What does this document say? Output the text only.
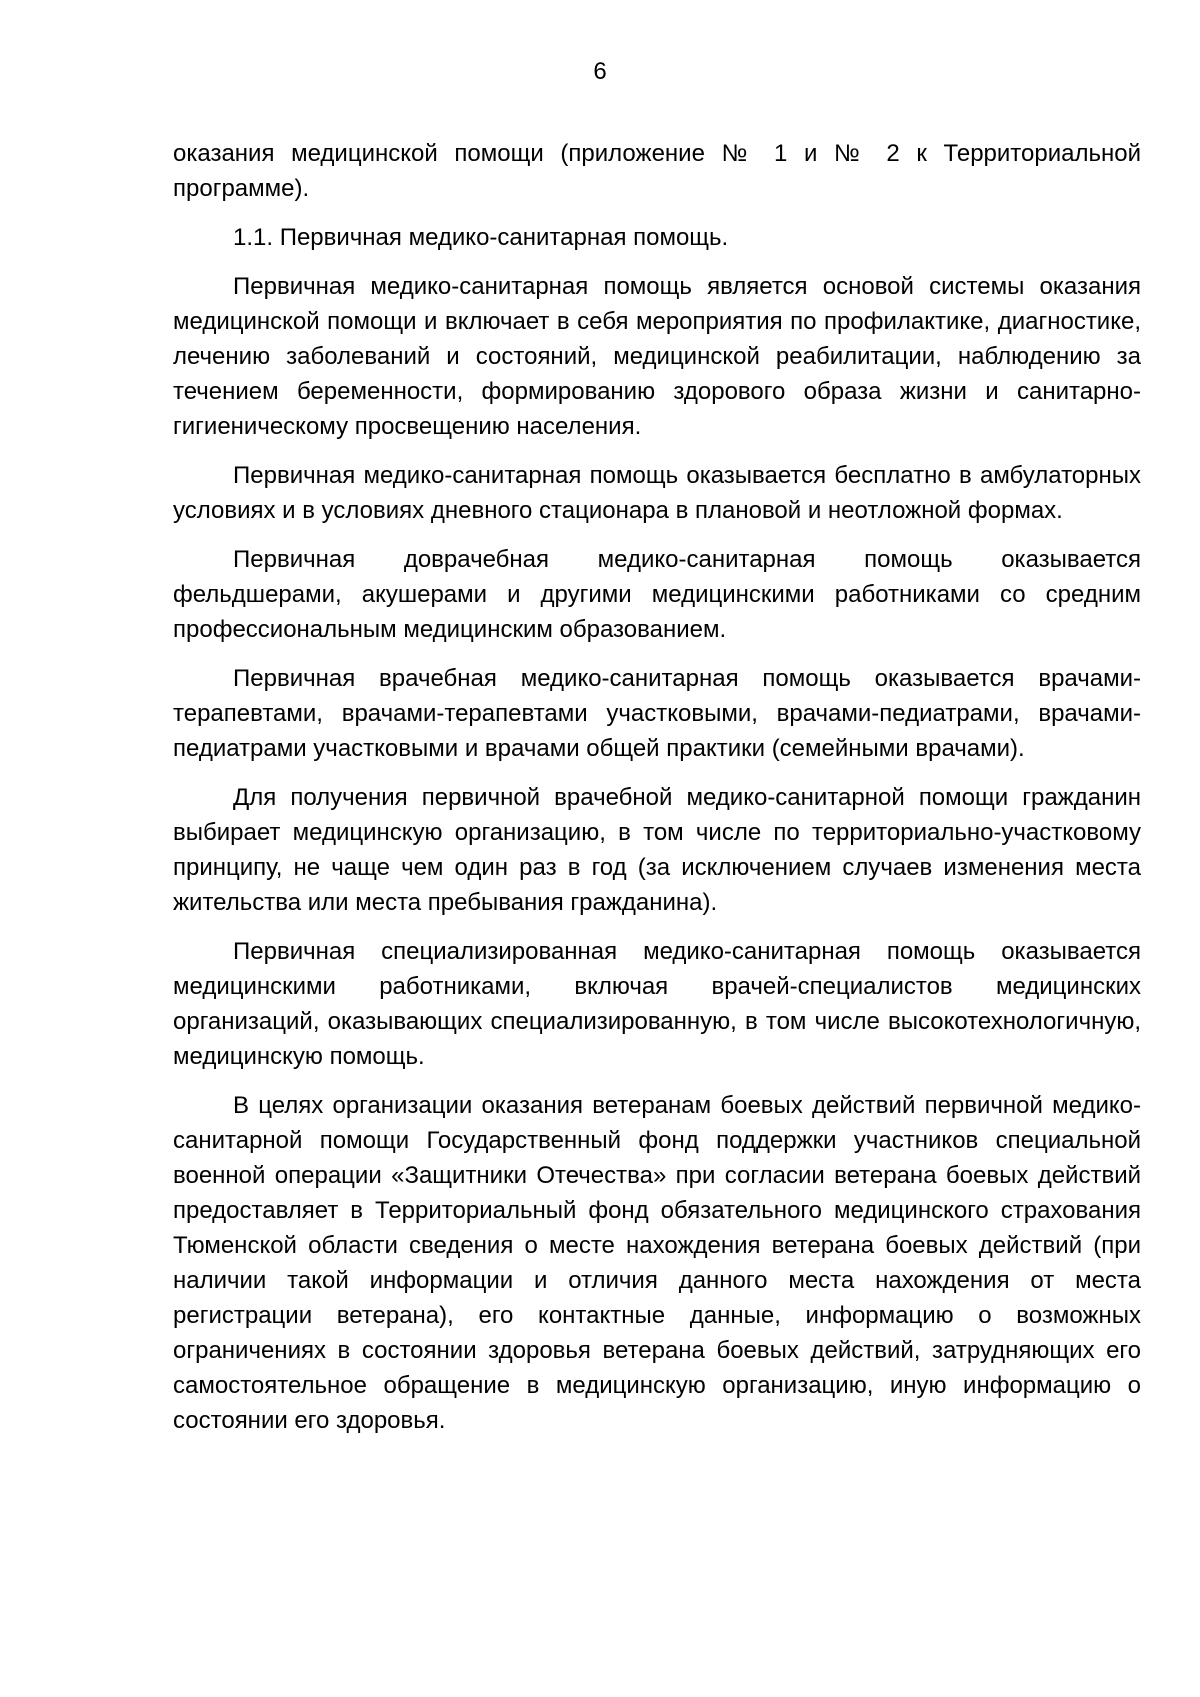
6

оказания медицинской помощи (приложение № 1 и № 2 к Территориальной программе).

1.1. Первичная медико-санитарная помощь.

Первичная медико-санитарная помощь является основой системы оказания медицинской помощи и включает в себя мероприятия по профилактике, диагностике, лечению заболеваний и состояний, медицинской реабилитации, наблюдению за течением беременности, формированию здорового образа жизни и санитарно-гигиеническому просвещению населения.

Первичная медико-санитарная помощь оказывается бесплатно в амбулаторных условиях и в условиях дневного стационара в плановой и неотложной формах.

Первичная доврачебная медико-санитарная помощь оказывается фельдшерами, акушерами и другими медицинскими работниками со средним профессиональным медицинским образованием.

Первичная врачебная медико-санитарная помощь оказывается врачами-терапевтами, врачами-терапевтами участковыми, врачами-педиатрами, врачами-педиатрами участковыми и врачами общей практики (семейными врачами).

Для получения первичной врачебной медико-санитарной помощи гражданин выбирает медицинскую организацию, в том числе по территориально-участковому принципу, не чаще чем один раз в год (за исключением случаев изменения места жительства или места пребывания гражданина).

Первичная специализированная медико-санитарная помощь оказывается медицинскими работниками, включая врачей-специалистов медицинских организаций, оказывающих специализированную, в том числе высокотехнологичную, медицинскую помощь.

В целях организации оказания ветеранам боевых действий первичной медико-санитарной помощи Государственный фонд поддержки участников специальной военной операции «Защитники Отечества» при согласии ветерана боевых действий предоставляет в Территориальный фонд обязательного медицинского страхования Тюменской области сведения о месте нахождения ветерана боевых действий (при наличии такой информации и отличия данного места нахождения от места регистрации ветерана), его контактные данные, информацию о возможных ограничениях в состоянии здоровья ветерана боевых действий, затрудняющих его самостоятельное обращение в медицинскую организацию, иную информацию о состоянии его здоровья.
